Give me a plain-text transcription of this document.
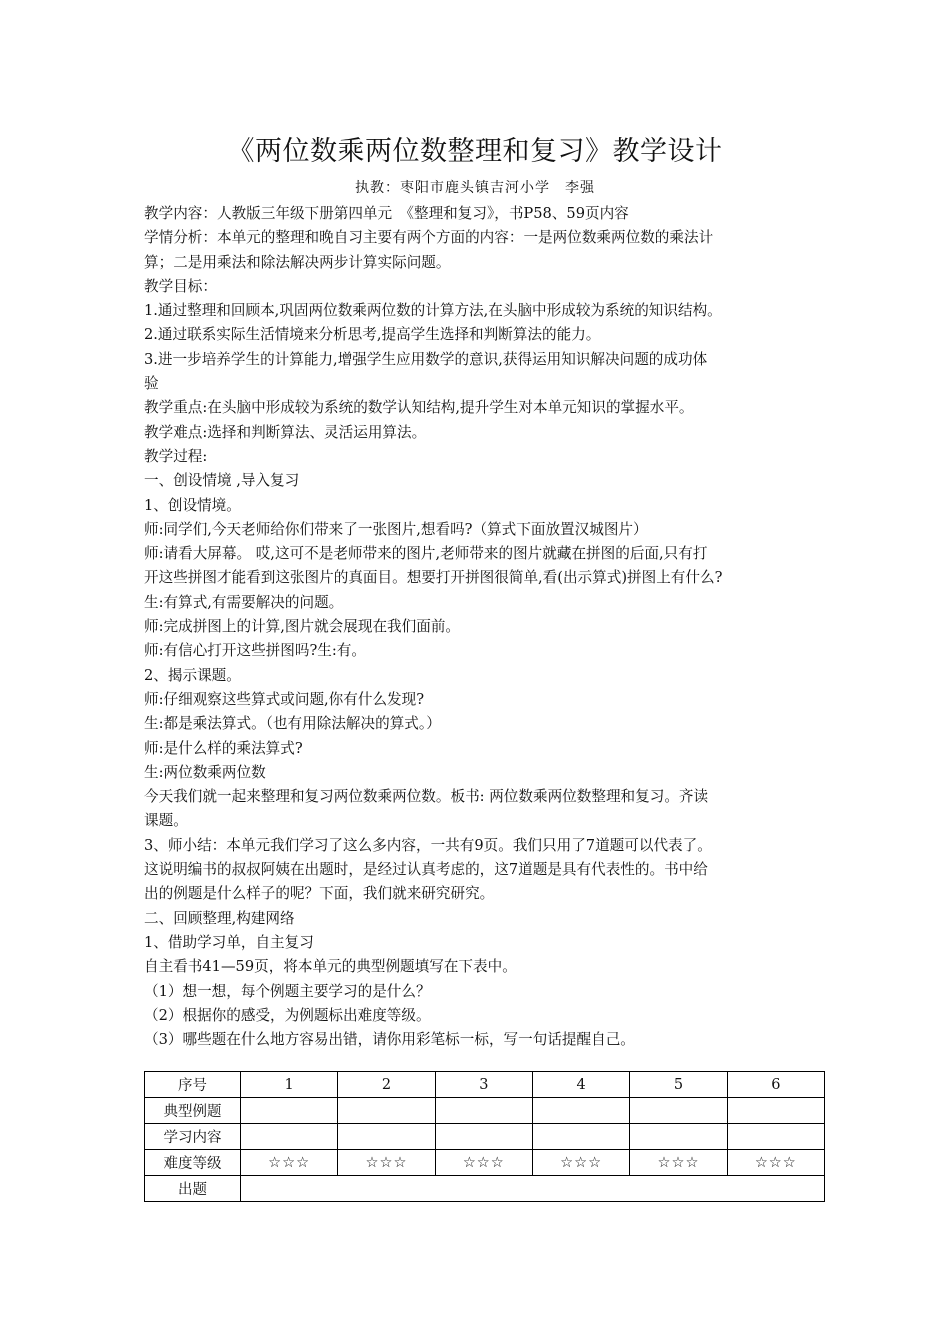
《两位数乘两位数整理和复习》教学设计
执教：枣阳市鹿头镇吉河小学　李强
教学内容：人教版三年级下册第四单元　《整理和复习》，书P58、59页内容
学情分析：本单元的整理和晚自习主要有两个方面的内容：一是两位数乘两位数的乘法计
算；二是用乘法和除法解决两步计算实际问题。
教学目标：
1.通过整理和回顾本,巩固两位数乘两位数的计算方法,在头脑中形成较为系统的知识结构。
2.通过联系实际生活情境来分析思考,提高学生选择和判断算法的能力。
3.进一步培养学生的计算能力,增强学生应用数学的意识,获得运用知识解决问题的成功体
验
教学重点:在头脑中形成较为系统的数学认知结构,提升学生对本单元知识的掌握水平。
教学难点:选择和判断算法、灵活运用算法。
教学过程:
一、创设情境 ,导入复习
1、创设情境。
师:同学们,今天老师给你们带来了一张图片,想看吗?（算式下面放置汉城图片）
师:请看大屏幕。 哎,这可不是老师带来的图片,老师带来的图片就藏在拼图的后面,只有打
开这些拼图才能看到这张图片的真面目。想要打开拼图很简单,看(出示算式)拼图上有什么?
生:有算式,有需要解决的问题。
师:完成拼图上的计算,图片就会展现在我们面前。
师:有信心打开这些拼图吗?生:有。
2、揭示课题。
师:仔细观察这些算式或问题,你有什么发现?
生:都是乘法算式。（也有用除法解决的算式。）
师:是什么样的乘法算式?
生:两位数乘两位数
今天我们就一起来整理和复习两位数乘两位数。板书: 两位数乘两位数整理和复习。齐读
课题。
3、师小结：本单元我们学习了这么多内容，一共有9页。我们只用了7道题可以代表了。
这说明编书的叔叔阿姨在出题时，是经过认真考虑的，这7道题是具有代表性的。书中给
出的例题是什么样子的呢？下面，我们就来研究研究。
二、回顾整理,构建网络
1、借助学习单，自主复习
自主看书41—59页，将本单元的典型例题填写在下表中。
（1）想一想，每个例题主要学习的是什么？
（2）根据你的感受，为例题标出难度等级。
（3）哪些题在什么地方容易出错，请你用彩笔标一标，写一句话提醒自己。
序号	1	2	3	4	5	6
典型例题						
学习内容						
难度等级	☆☆☆	☆☆☆	☆☆☆	☆☆☆	☆☆☆	☆☆☆
出题						
